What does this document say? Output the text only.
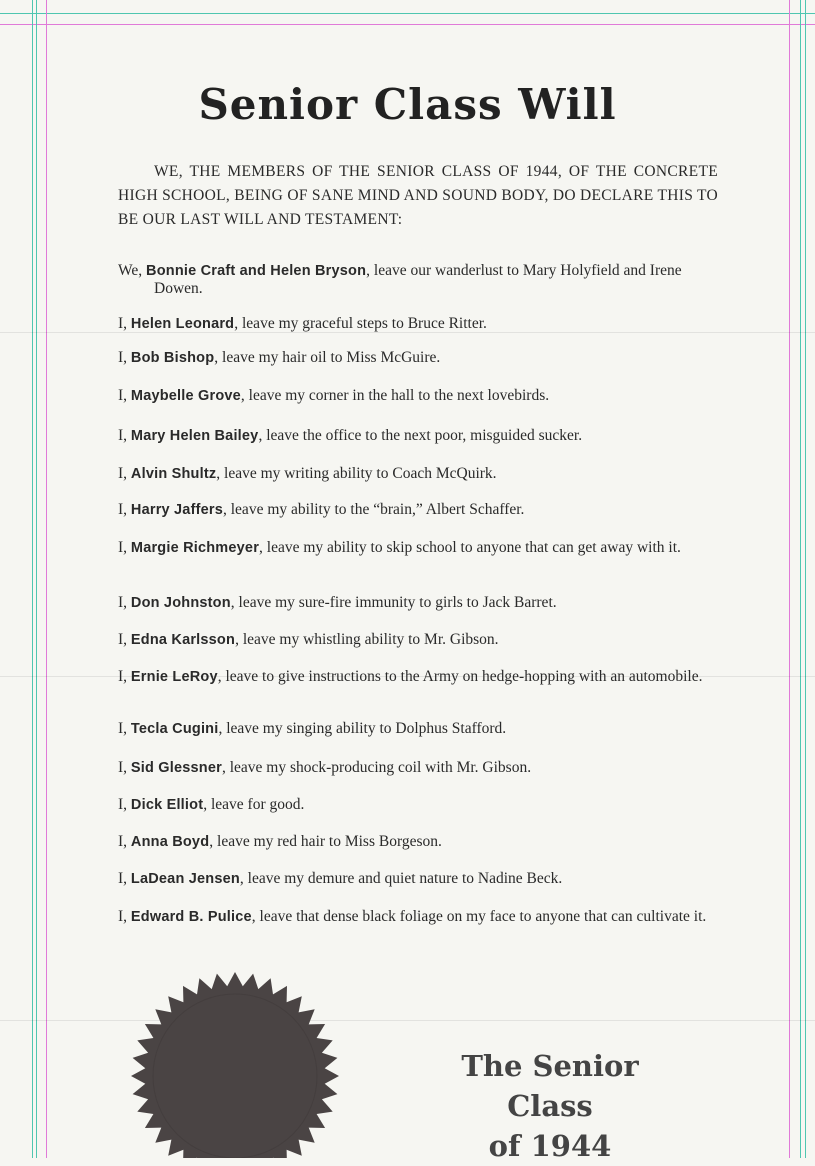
Senior Class Will
WE, THE MEMBERS OF THE SENIOR CLASS OF 1944, OF THE CONCRETE HIGH SCHOOL, BEING OF SANE MIND AND SOUND BODY, DO DECLARE THIS TO BE OUR LAST WILL AND TESTAMENT:
We, Bonnie Craft and Helen Bryson, leave our wanderlust to Mary Holyfield and Irene Dowen.
I, Helen Leonard, leave my graceful steps to Bruce Ritter.
I, Bob Bishop, leave my hair oil to Miss McGuire.
I, Maybelle Grove, leave my corner in the hall to the next lovebirds.
I, Mary Helen Bailey, leave the office to the next poor, misguided sucker.
I, Alvin Shultz, leave my writing ability to Coach McQuirk.
I, Harry Jaffers, leave my ability to the “brain,” Albert Schaffer.
I, Margie Richmeyer, leave my ability to skip school to anyone that can get away with it.
I, Don Johnston, leave my sure-fire immunity to girls to Jack Barret.
I, Edna Karlsson, leave my whistling ability to Mr. Gibson.
I, Ernie LeRoy, leave to give instructions to the Army on hedge-hopping with an automobile.
I, Tecla Cugini, leave my singing ability to Dolphus Stafford.
I, Sid Glessner, leave my shock-producing coil with Mr. Gibson.
I, Dick Elliot, leave for good.
I, Anna Boyd, leave my red hair to Miss Borgeson.
I, LaDean Jensen, leave my demure and quiet nature to Nadine Beck.
I, Edward B. Pulice, leave that dense black foliage on my face to anyone that can cultivate it.
The Senior Class
of 1944
